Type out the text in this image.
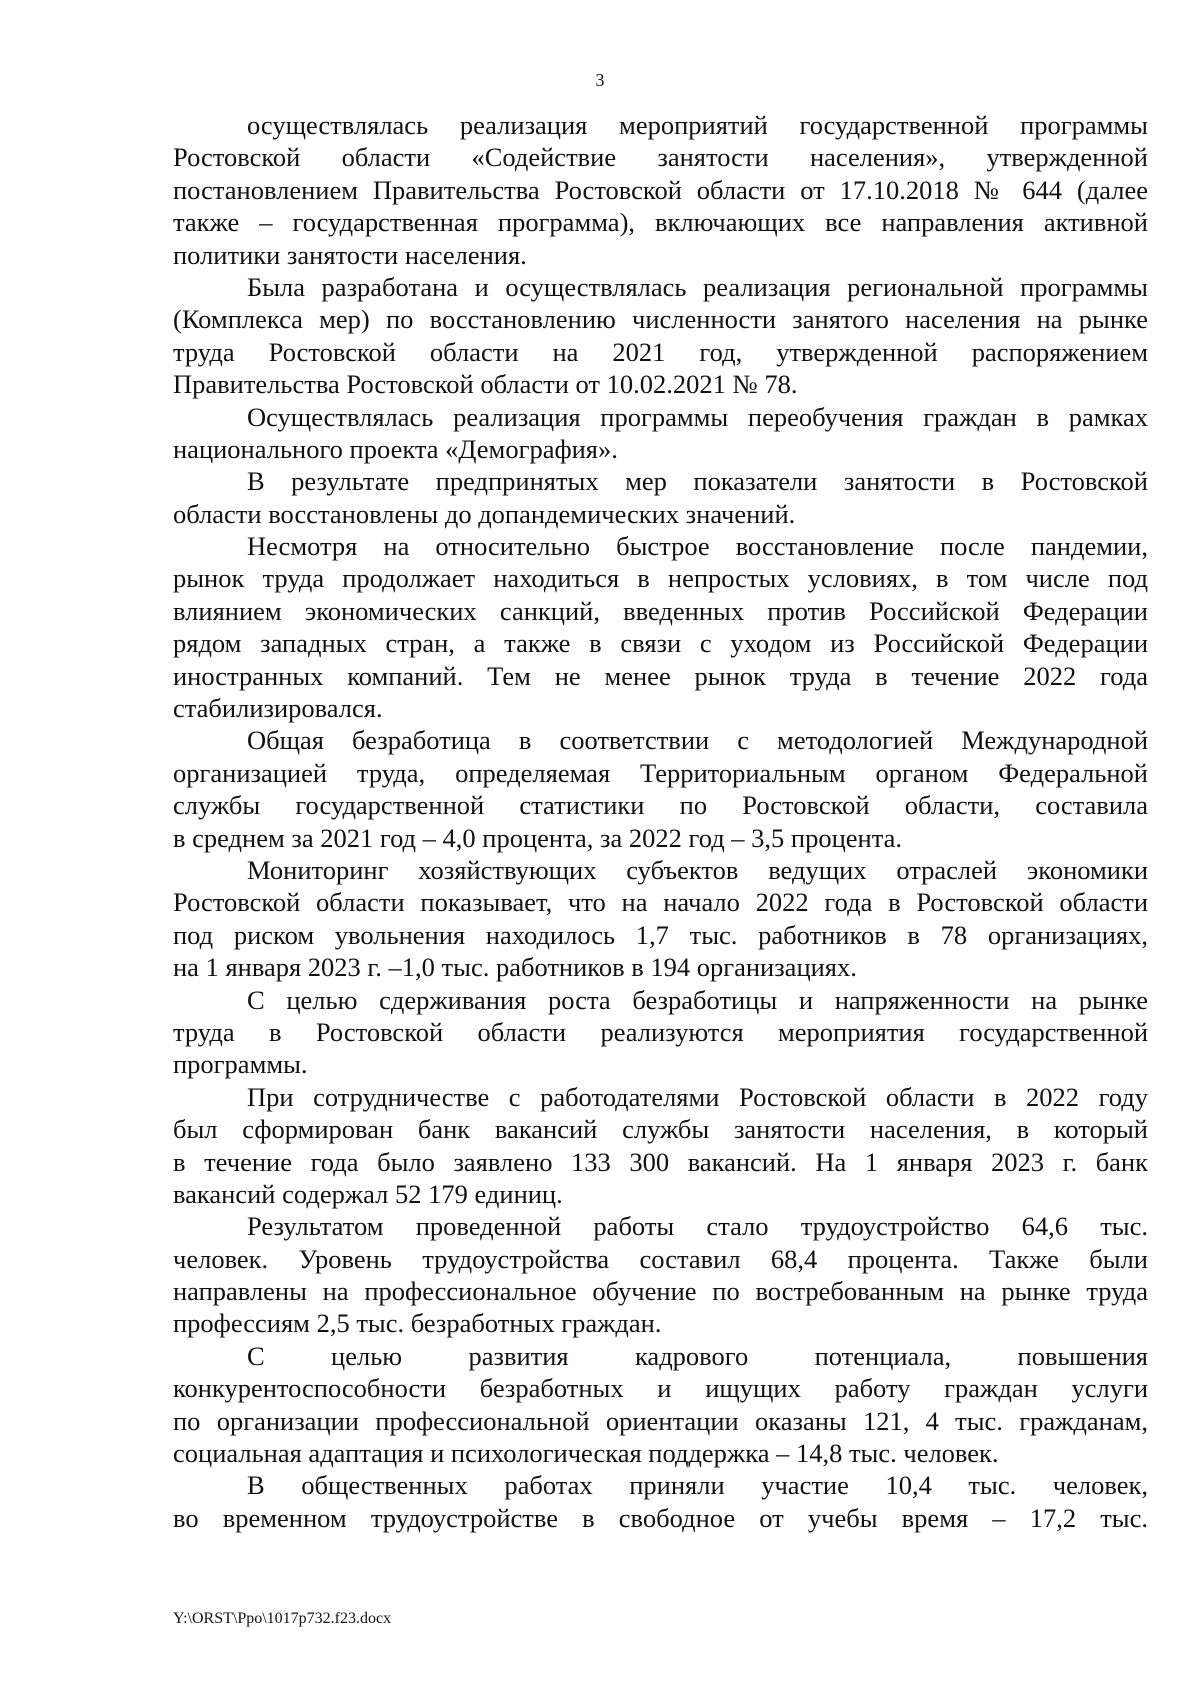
3
осуществлялась реализация мероприятий государственной программы
Ростовской области «Содействие занятости населения», утвержденной
постановлением Правительства Ростовской области от 17.10.2018 № 644 (далее
также – государственная программа), включающих все направления активной
политики занятости населения.
Была разработана и осуществлялась реализация региональной программы
(Комплекса мер) по восстановлению численности занятого населения на рынке
труда Ростовской области на 2021 год, утвержденной распоряжением
Правительства Ростовской области от 10.02.2021 № 78.
Осуществлялась реализация программы переобучения граждан в рамках
национального проекта «Демография».
В результате предпринятых мер показатели занятости в Ростовской
области восстановлены до допандемических значений.
Несмотря на относительно быстрое восстановление после пандемии,
рынок труда продолжает находиться в непростых условиях, в том числе под
влиянием экономических санкций, введенных против Российской Федерации
рядом западных стран, а также в связи с уходом из Российской Федерации
иностранных компаний. Тем не менее рынок труда в течение 2022 года
стабилизировался.
Общая безработица в соответствии с методологией Международной
организацией труда, определяемая Территориальным органом Федеральной
службы государственной статистики по Ростовской области, составила
в среднем за 2021 год – 4,0 процента, за 2022 год – 3,5 процента.
Мониторинг хозяйствующих субъектов ведущих отраслей экономики
Ростовской области показывает, что на начало 2022 года в Ростовской области
под риском увольнения находилось 1,7 тыс. работников в 78 организациях,
на 1 января 2023 г. –1,0 тыс. работников в 194 организациях.
С целью сдерживания роста безработицы и напряженности на рынке
труда в Ростовской области реализуются мероприятия государственной
программы.
При сотрудничестве с работодателями Ростовской области в 2022 году
был сформирован банк вакансий службы занятости населения, в который
в течение года было заявлено 133 300 вакансий. На 1 января 2023 г. банк
вакансий содержал 52 179 единиц.
Результатом проведенной работы стало трудоустройство 64,6 тыс.
человек. Уровень трудоустройства составил 68,4 процента. Также были
направлены на профессиональное обучение по востребованным на рынке труда
профессиям 2,5 тыс. безработных граждан.
С целью развития кадрового потенциала, повышения
конкурентоспособности безработных и ищущих работу граждан услуги
по организации профессиональной ориентации оказаны 121, 4 тыс. гражданам,
социальная адаптация и психологическая поддержка – 14,8 тыс. человек.
В общественных работах приняли участие 10,4 тыс. человек,
во временном трудоустройстве в свободное от учебы время – 17,2 тыс.
Y:\ORST\Ppo\1017p732.f23.docx
